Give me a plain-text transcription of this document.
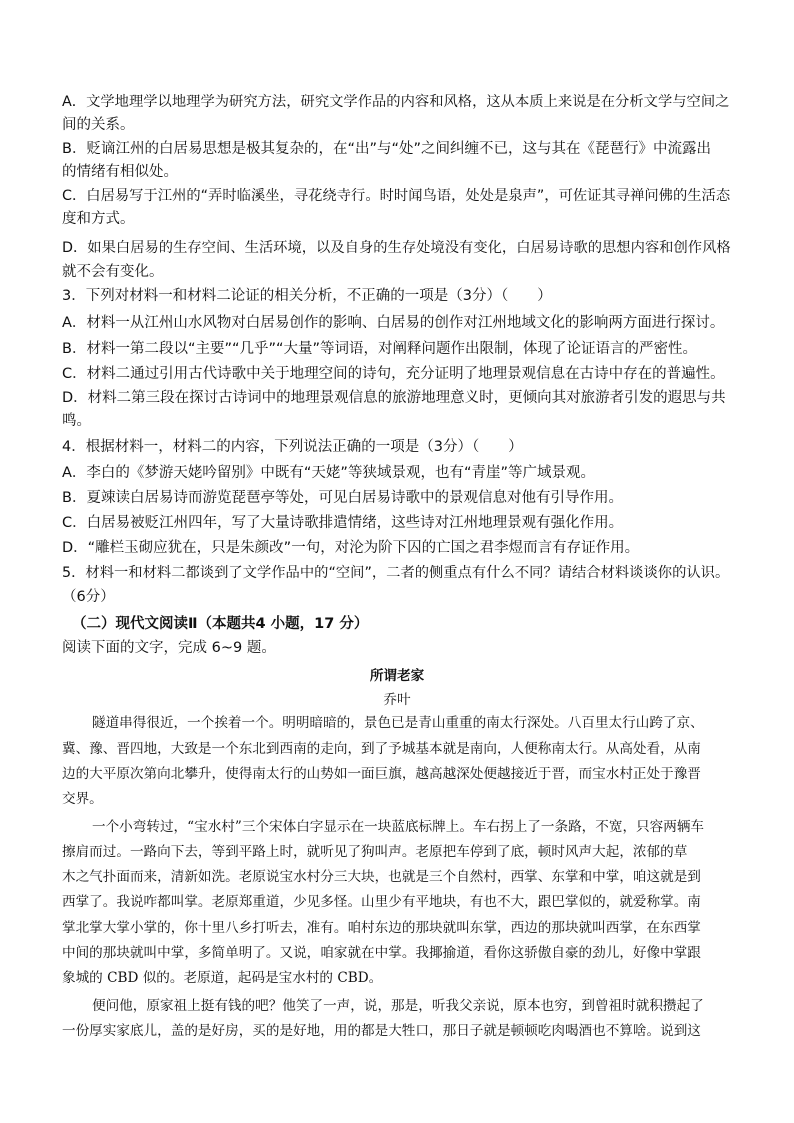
A．文学地理学以地理学为研究方法，研究文学作品的内容和风格，这从本质上来说是在分析文学与空间之
间的关系。
B．贬谪江州的白居易思想是极其复杂的，在“出”与“处”之间纠缠不已，这与其在《琵琶行》中流露出
的情绪有相似处。
C．白居易写于江州的“弄时临溪坐，寻花绕寺行。时时闻鸟语，处处是泉声”，可佐证其寻禅问佛的生活态
度和方式。
D．如果白居易的生存空间、生活环境，以及自身的生存处境没有变化，白居易诗歌的思想内容和创作风格
就不会有变化。
3．下列对材料一和材料二论证的相关分析，不正确的一项是（3分）（　　）
A．材料一从江州山水风物对白居易创作的影响、白居易的创作对江州地域文化的影响两方面进行探讨。
B．材料一第二段以“主要”“几乎”“大量”等词语，对阐释问题作出限制，体现了论证语言的严密性。
C．材料二通过引用古代诗歌中关于地理空间的诗句，充分证明了地理景观信息在古诗中存在的普遍性。
D．材料二第三段在探讨古诗词中的地理景观信息的旅游地理意义时，更倾向其对旅游者引发的遐思与共
鸣。
4．根据材料一，材料二的内容，下列说法正确的一项是（3分）（　　）
A．李白的《梦游天姥吟留别》中既有“天姥”等狭域景观，也有“青崖”等广域景观。
B．夏竦读白居易诗而游览琵琶亭等处，可见白居易诗歌中的景观信息对他有引导作用。
C．白居易被贬江州四年，写了大量诗歌排遣情绪，这些诗对江州地理景观有强化作用。
D．“雕栏玉砌应犹在，只是朱颜改”一句，对沦为阶下囚的亡国之君李煜而言有存证作用。
5．材料一和材料二都谈到了文学作品中的“空间”，二者的侧重点有什么不同？请结合材料谈谈你的认识。
（6分）
（二）现代文阅读Ⅱ（本题共4 小题，17 分）
阅读下面的文字，完成 6~9 题。
所谓老家
乔叶
隧道串得很近，一个挨着一个。明明暗暗的，景色已是青山重重的南太行深处。八百里太行山跨了京、
冀、豫、晋四地，大致是一个东北到西南的走向，到了予城基本就是南向，人便称南太行。从高处看，从南
边的大平原次第向北攀升，使得南太行的山势如一面巨旗，越高越深处便越接近于晋，而宝水村正处于豫晋
交界。
一个小弯转过，“宝水村”三个宋体白字显示在一块蓝底标牌上。车右拐上了一条路，不宽，只容两辆车
擦肩而过。一路向下去，等到平路上时，就听见了狗叫声。老原把车停到了底，顿时风声大起，浓郁的草
木之气扑面而来，清新如洗。老原说宝水村分三大块，也就是三个自然村，西掌、东掌和中掌，咱这就是到
西掌了。我说咋都叫掌。老原郑重道，少见多怪。山里少有平地块，有也不大，跟巴掌似的，就爱称掌。南
掌北掌大掌小掌的，你十里八乡打听去，准有。咱村东边的那块就叫东掌，西边的那块就叫西掌，在东西掌
中间的那块就叫中掌，多简单明了。又说，咱家就在中掌。我揶揄道，看你这骄傲自豪的劲儿，好像中掌跟
象城的 CBD 似的。老原道，起码是宝水村的 CBD。
便问他，原家祖上挺有钱的吧？他笑了一声，说，那是，听我父亲说，原本也穷，到曾祖时就积攒起了
一份厚实家底儿，盖的是好房，买的是好地，用的都是大牲口，那日子就是顿顿吃肉喝酒也不算啥。说到这
